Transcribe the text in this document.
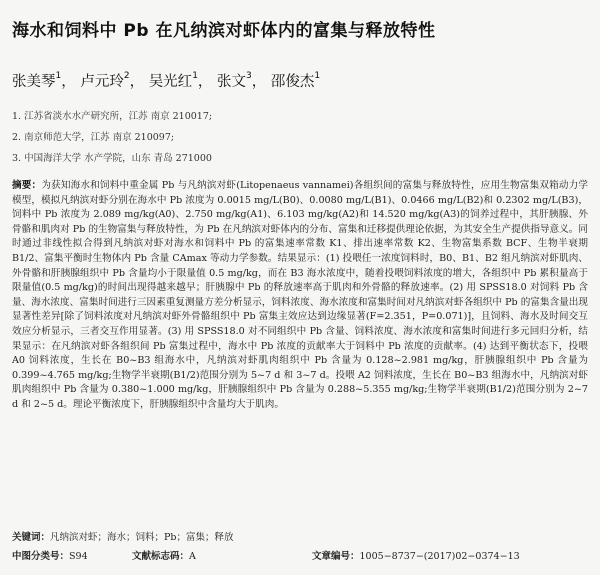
海水和饲料中 Pb 在凡纳滨对虾体内的富集与释放特性
张美琴$^1$， 卢元玲$^2$， 吴光红$^1$， 张文$^3$， 邵俊杰$^1$
1. 江苏省淡水水产研究所，江苏 南京 210017;
2. 南京师范大学，江苏 南京 210097;
3. 中国海洋大学 水产学院，山东 青岛 271000
摘要：为获知海水和饲料中重金属 Pb 与凡纳滨对虾(Litopenaeus vannamei)各组织间的富集与释放特性，应用生物富集双箱动力学模型，模拟凡纳滨对虾分别在海水中 Pb 浓度为 0.0015 mg/L(B0)、0.0080 mg/L(B1)、0.0466 mg/L(B2)和 0.2302 mg/L(B3)，饲料中 Pb 浓度为 2.089 mg/kg(A0)、2.750 mg/kg(A1)、6.103 mg/kg(A2)和 14.520 mg/kg(A3)的饲养过程中，其肝胰腺、外骨骼和肌肉对 Pb 的生物富集与释放特性，为 Pb 在凡纳滨对虾体内的分布、富集和迁移提供理论依据，为其安全生产提供指导意义。同时通过非线性拟合得到凡纳滨对虾对海水和饲料中 Pb 的富集速率常数 K1、排出速率常数 K2、生物富集系数 BCF、生物半衰期 B1/2、富集平衡时生物体内 Pb 含量 CAmax 等动力学参数。结果显示：(1) 投喂任一浓度饲料时，B0、B1、B2 组凡纳滨对虾肌肉、外骨骼和肝胰腺组织中 Pb 含量均小于限量值 0.5 mg/kg，而在 B3 海水浓度中，随着投喂饲料浓度的增大，各组织中 Pb 累积量高于限量值(0.5 mg/kg)的时间出现得越来越早；肝胰腺中 Pb 的释放速率高于肌肉和外骨骼的释放速率。(2) 用 SPSS18.0 对饲料 Pb 含量、海水浓度、富集时间进行三因素重复测量方差分析显示，饲料浓度、海水浓度和富集时间对凡纳滨对虾各组织中 Pb 的富集含量出现显著性差异[除了饲料浓度对凡纳滨对虾外骨骼组织中 Pb 富集主效应达到边缘显著(F=2.351，P=0.071)]，且饲料、海水及时间交互效应分析显示，三者交互作用显著。(3) 用 SPSS18.0 对不同组织中 Pb 含量、饲料浓度、海水浓度和富集时间进行多元回归分析，结果显示：在凡纳滨对虾各组织间 Pb 富集过程中，海水中 Pb 浓度的贡献率大于饲料中 Pb 浓度的贡献率。(4) 达到平衡状态下，投喂 A0 饲料浓度，生长在 B0~B3 组海水中，凡纳滨对虾肌肉组织中 Pb 含量为 0.128~2.981 mg/kg，肝胰腺组织中 Pb 含量为 0.399~4.765 mg/kg;生物学半衰期(B1/2)范围分别为 5~7 d 和 3~7 d。投喂 A2 饲料浓度，生长在 B0~B3 组海水中，凡纳滨对虾肌肉组织中 Pb 含量为 0.380~1.000 mg/kg，肝胰腺组织中 Pb 含量为 0.288~5.355 mg/kg;生物学半衰期(B1/2)范围分别为 2~7 d 和 2~5 d。理论平衡浓度下，肝胰腺组织中含量均大于肌肉。
关键词：凡纳滨对虾；海水；饲料；Pb；富集；释放
中图分类号：S94	文献标志码：A	文章编号：1005−8737−(2017)02−0374−13
